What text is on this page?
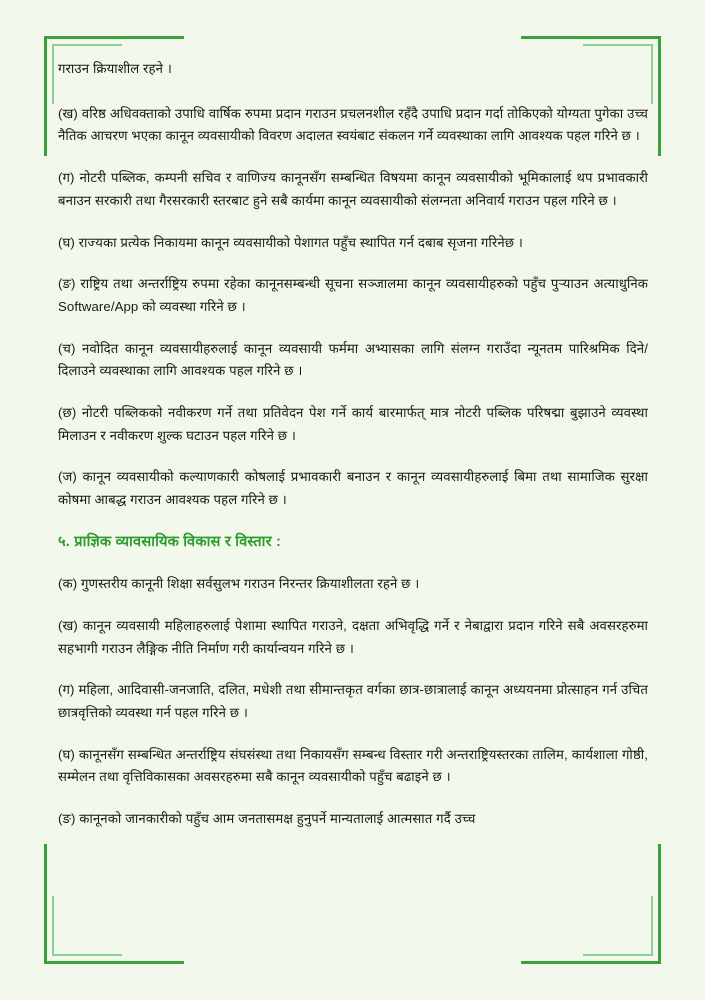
गराउन क्रियाशील रहने ।

(ख) वरिष्ठ अधिवक्ताको उपाधि वार्षिक रुपमा प्रदान गराउन प्रचलनशील रहँदै उपाधि प्रदान गर्दा तोकिएको योग्यता पुगेका उच्च नैतिक आचरण भएका कानून व्यवसायीको विवरण अदालत स्वयंबाट संकलन गर्ने व्यवस्थाका लागि आवश्यक पहल गरिने छ ।

(ग) नोटरी पब्लिक, कम्पनी सचिव र वाणिज्य कानूनसँग सम्बन्धित विषयमा कानून व्यवसायीको भूमिकालाई थप प्रभावकारी बनाउन सरकारी तथा गैरसरकारी स्तरबाट हुने सबै कार्यमा कानून व्यवसायीको संलग्नता अनिवार्य गराउन पहल गरिने छ ।

(घ) राज्यका प्रत्येक निकायमा कानून व्यवसायीको पेशागत पहुँच स्थापित गर्न दबाब सृजना गरिनेछ ।

(ङ) राष्ट्रिय तथा अन्तर्राष्ट्रिय रुपमा रहेका कानूनसम्बन्धी सूचना सञ्जालमा कानून व्यवसायीहरुको पहुँच पुऱ्याउन अत्याधुनिक Software/App को व्यवस्था गरिने छ ।

(च) नवोदित कानून व्यवसायीहरुलाई कानून व्यवसायी फर्ममा अभ्यासका लागि संलग्न गराउँदा न्यूनतम पारिश्रमिक दिने/दिलाउने व्यवस्थाका लागि आवश्यक पहल गरिने छ ।

(छ) नोटरी पब्लिकको नवीकरण गर्ने तथा प्रतिवेदन पेश गर्ने कार्य बारमार्फत् मात्र नोटरी पब्लिक परिषद्मा बुझाउने व्यवस्था मिलाउन र नवीकरण शुल्क घटाउन पहल गरिने छ ।

(ज) कानून व्यवसायीको कल्याणकारी कोषलाई प्रभावकारी बनाउन र कानून व्यवसायीहरुलाई बिमा तथा सामाजिक सुरक्षा कोषमा आबद्ध गराउन आवश्यक पहल गरिने छ ।

५. प्राज्ञिक व्यावसायिक विकास र विस्तार :

(क) गुणस्तरीय कानूनी शिक्षा सर्वसुलभ गराउन निरन्तर क्रियाशीलता रहने छ ।

(ख) कानून व्यवसायी महिलाहरुलाई पेशामा स्थापित गराउने, दक्षता अभिवृद्धि गर्ने र नेबाद्वारा प्रदान गरिने सबै अवसरहरुमा सहभागी गराउन लैङ्गिक नीति निर्माण गरी कार्यान्वयन गरिने छ ।

(ग) महिला, आदिवासी-जनजाति, दलित, मधेशी तथा सीमान्तकृत वर्गका छात्र-छात्रालाई कानून अध्ययनमा प्रोत्साहन गर्न उचित छात्रवृत्तिको व्यवस्था गर्न पहल गरिने छ ।

(घ) कानूनसँग सम्बन्धित अन्तर्राष्ट्रिय संघसंस्था तथा निकायसँग सम्बन्ध विस्तार गरी अन्तराष्ट्रियस्तरका तालिम, कार्यशाला गोष्ठी, सम्मेलन तथा वृत्तिविकासका अवसरहरुमा सबै कानून व्यवसायीको पहुँच बढाइने छ ।

(ङ) कानूनको जानकारीको पहुँच आम जनतासमक्ष हुनुपर्ने मान्यतालाई आत्मसात गर्दै उच्च
